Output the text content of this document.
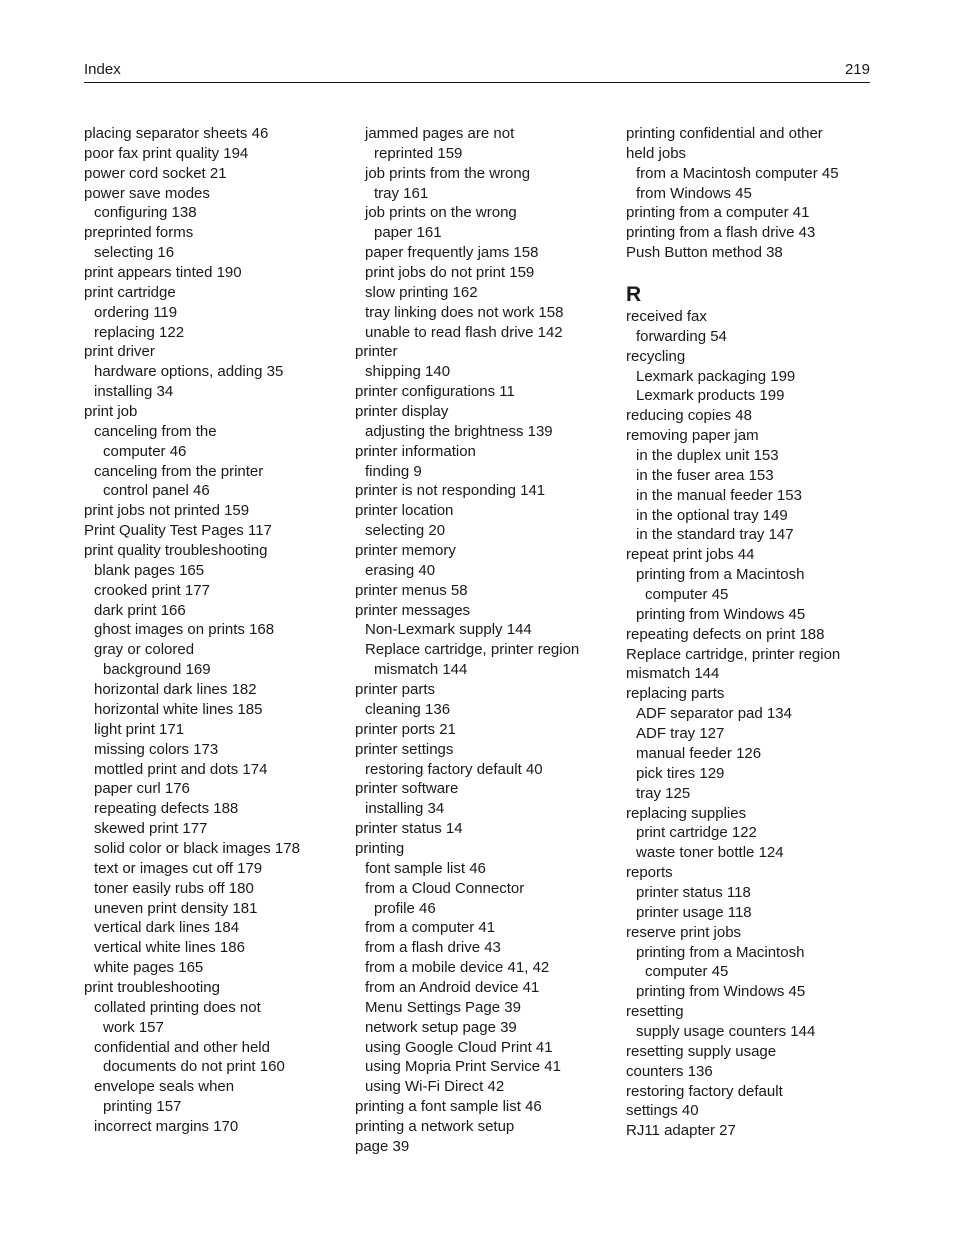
Index	219
placing separator sheets 46
poor fax print quality 194
power cord socket 21
power save modes
configuring 138
preprinted forms
selecting 16
print appears tinted 190
print cartridge
ordering 119
replacing 122
print driver
hardware options, adding 35
installing 34
print job
canceling from the
computer 46
canceling from the printer
control panel 46
print jobs not printed 159
Print Quality Test Pages 117
print quality troubleshooting
blank pages 165
crooked print 177
dark print 166
ghost images on prints 168
gray or colored
background 169
horizontal dark lines 182
horizontal white lines 185
light print 171
missing colors 173
mottled print and dots 174
paper curl 176
repeating defects 188
skewed print 177
solid color or black images 178
text or images cut off 179
toner easily rubs off 180
uneven print density 181
vertical dark lines 184
vertical white lines 186
white pages 165
print troubleshooting
collated printing does not
work 157
confidential and other held
documents do not print 160
envelope seals when
printing 157
incorrect margins 170
jammed pages are not
reprinted 159
job prints from the wrong
tray 161
job prints on the wrong
paper 161
paper frequently jams 158
print jobs do not print 159
slow printing 162
tray linking does not work 158
unable to read flash drive 142
printer
shipping 140
printer configurations 11
printer display
adjusting the brightness 139
printer information
finding 9
printer is not responding 141
printer location
selecting 20
printer memory
erasing 40
printer menus 58
printer messages
Non-Lexmark supply 144
Replace cartridge, printer region
mismatch 144
printer parts
cleaning 136
printer ports 21
printer settings
restoring factory default 40
printer software
installing 34
printer status 14
printing
font sample list 46
from a Cloud Connector
profile 46
from a computer 41
from a flash drive 43
from a mobile device 41, 42
from an Android device 41
Menu Settings Page 39
network setup page 39
using Google Cloud Print 41
using Mopria Print Service 41
using Wi-Fi Direct 42
printing a font sample list 46
printing a network setup
page 39
printing confidential and other
held jobs
from a Macintosh computer 45
from Windows 45
printing from a computer 41
printing from a flash drive 43
Push Button method 38
R
received fax
forwarding 54
recycling
Lexmark packaging 199
Lexmark products 199
reducing copies 48
removing paper jam
in the duplex unit 153
in the fuser area 153
in the manual feeder 153
in the optional tray 149
in the standard tray 147
repeat print jobs 44
printing from a Macintosh
computer 45
printing from Windows 45
repeating defects on print 188
Replace cartridge, printer region
mismatch 144
replacing parts
ADF separator pad 134
ADF tray 127
manual feeder 126
pick tires 129
tray 125
replacing supplies
print cartridge 122
waste toner bottle 124
reports
printer status 118
printer usage 118
reserve print jobs
printing from a Macintosh
computer 45
printing from Windows 45
resetting
supply usage counters 144
resetting supply usage
counters 136
restoring factory default
settings 40
RJ11 adapter 27
